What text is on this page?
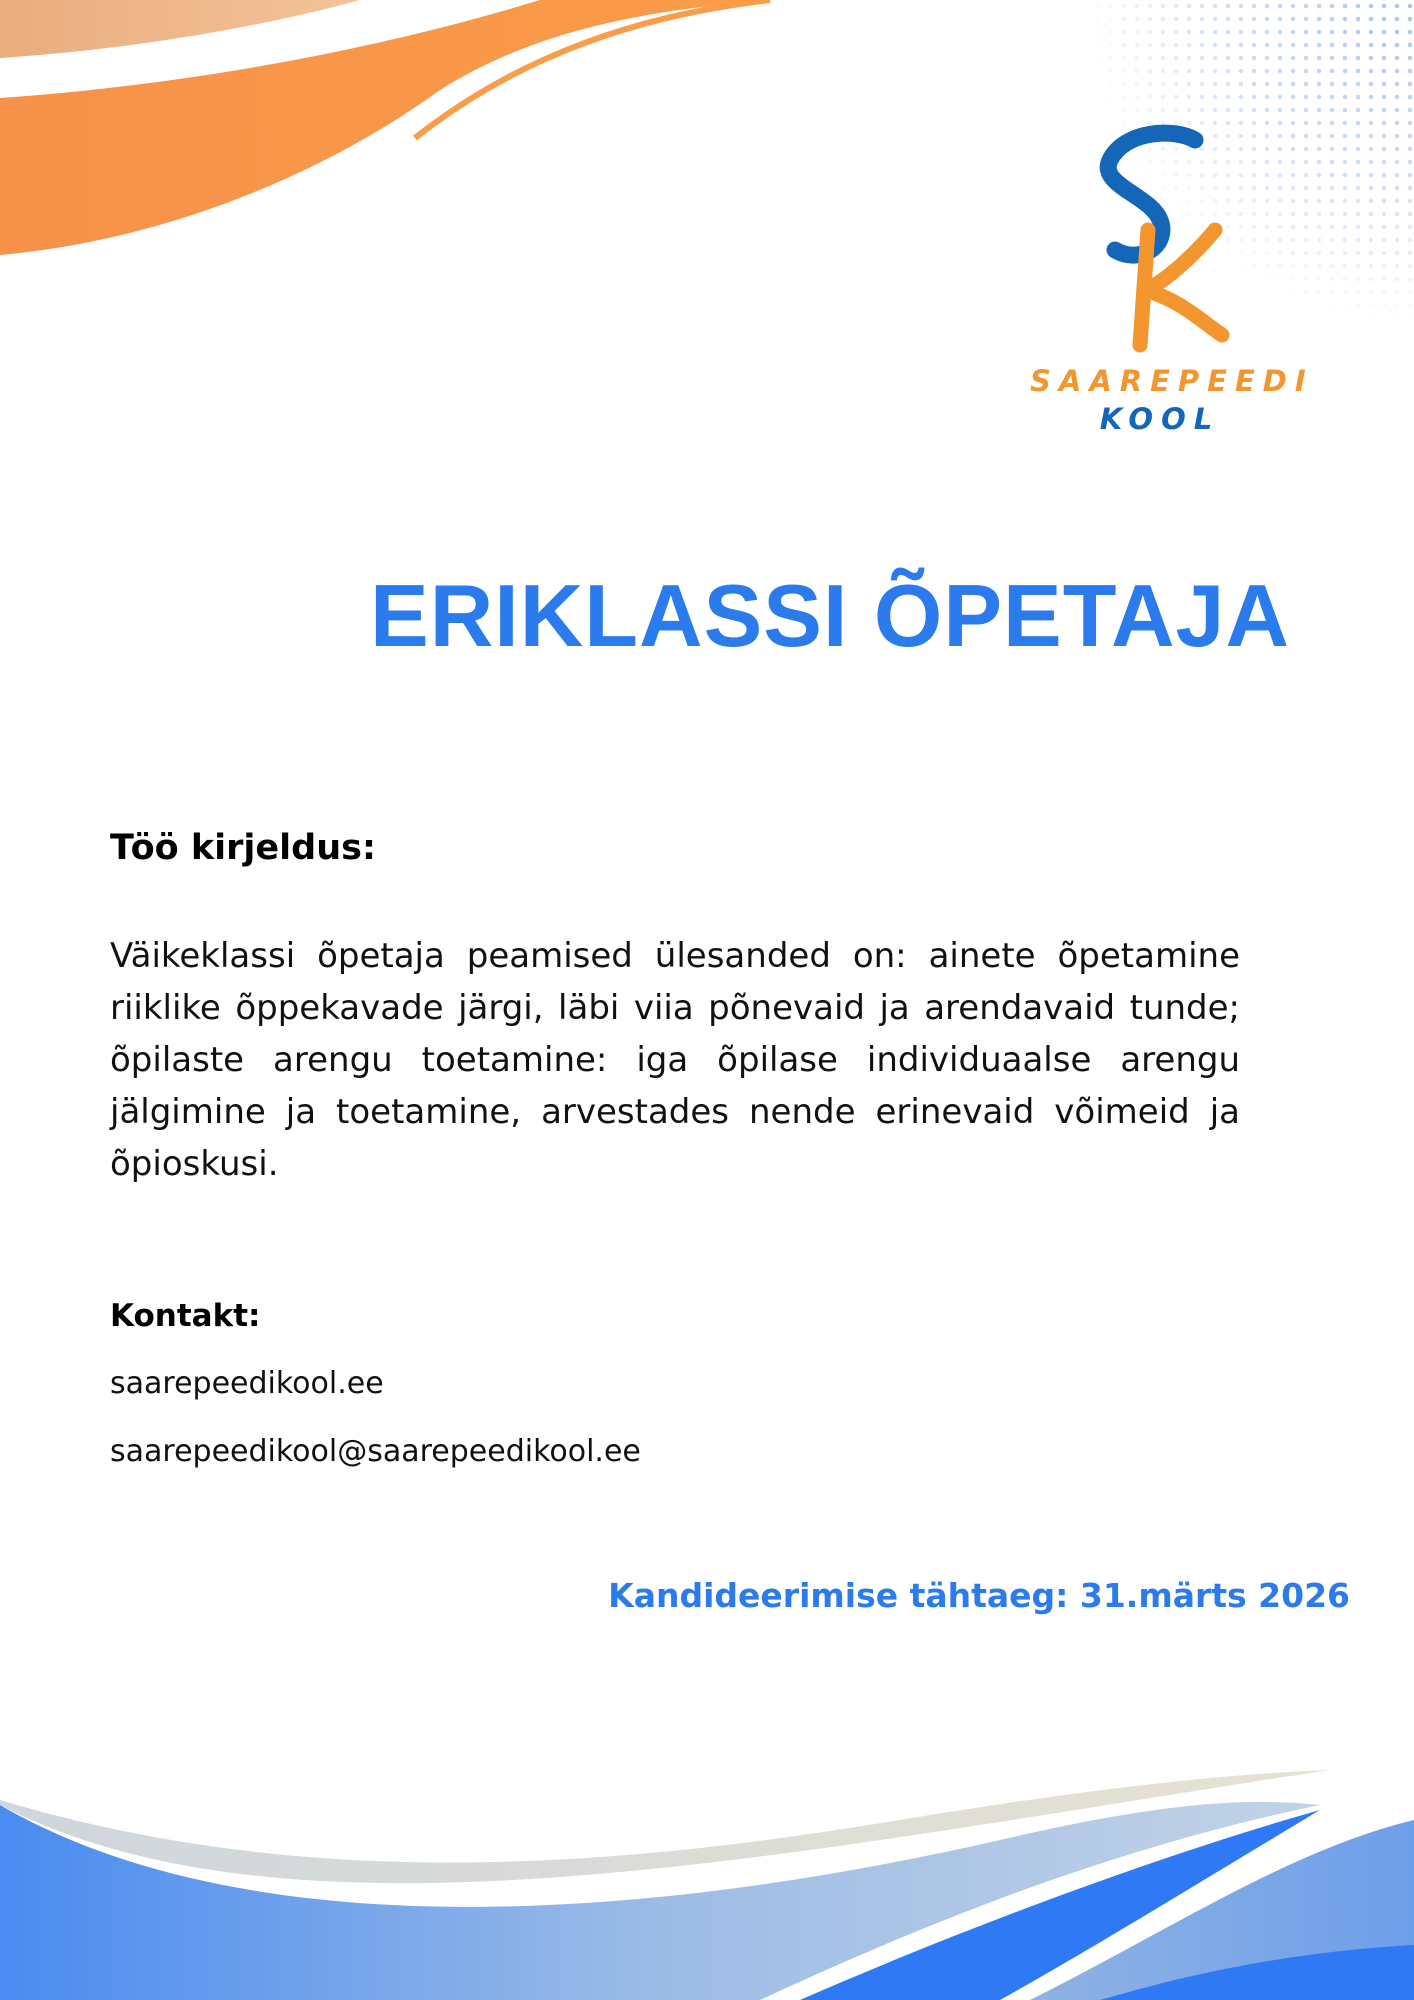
SAAREPEEDI
KOOL
ERIKLASSI ÕPETAJA
Töö kirjeldus:

Väikeklassi õpetaja peamised ülesanded on: ainete õpetamine riiklike õppekavade järgi, läbi viia põnevaid ja arendavaid tunde; õpilaste arengu toetamine: iga õpilase individuaalse arengu jälgimine ja toetamine, arvestades nende erinevaid võimeid ja õpioskusi.

Kontakt:

saarepeedikool.ee

saarepeedikool@saarepeedikool.ee

Kandideerimise tähtaeg: 31.märts 2026
